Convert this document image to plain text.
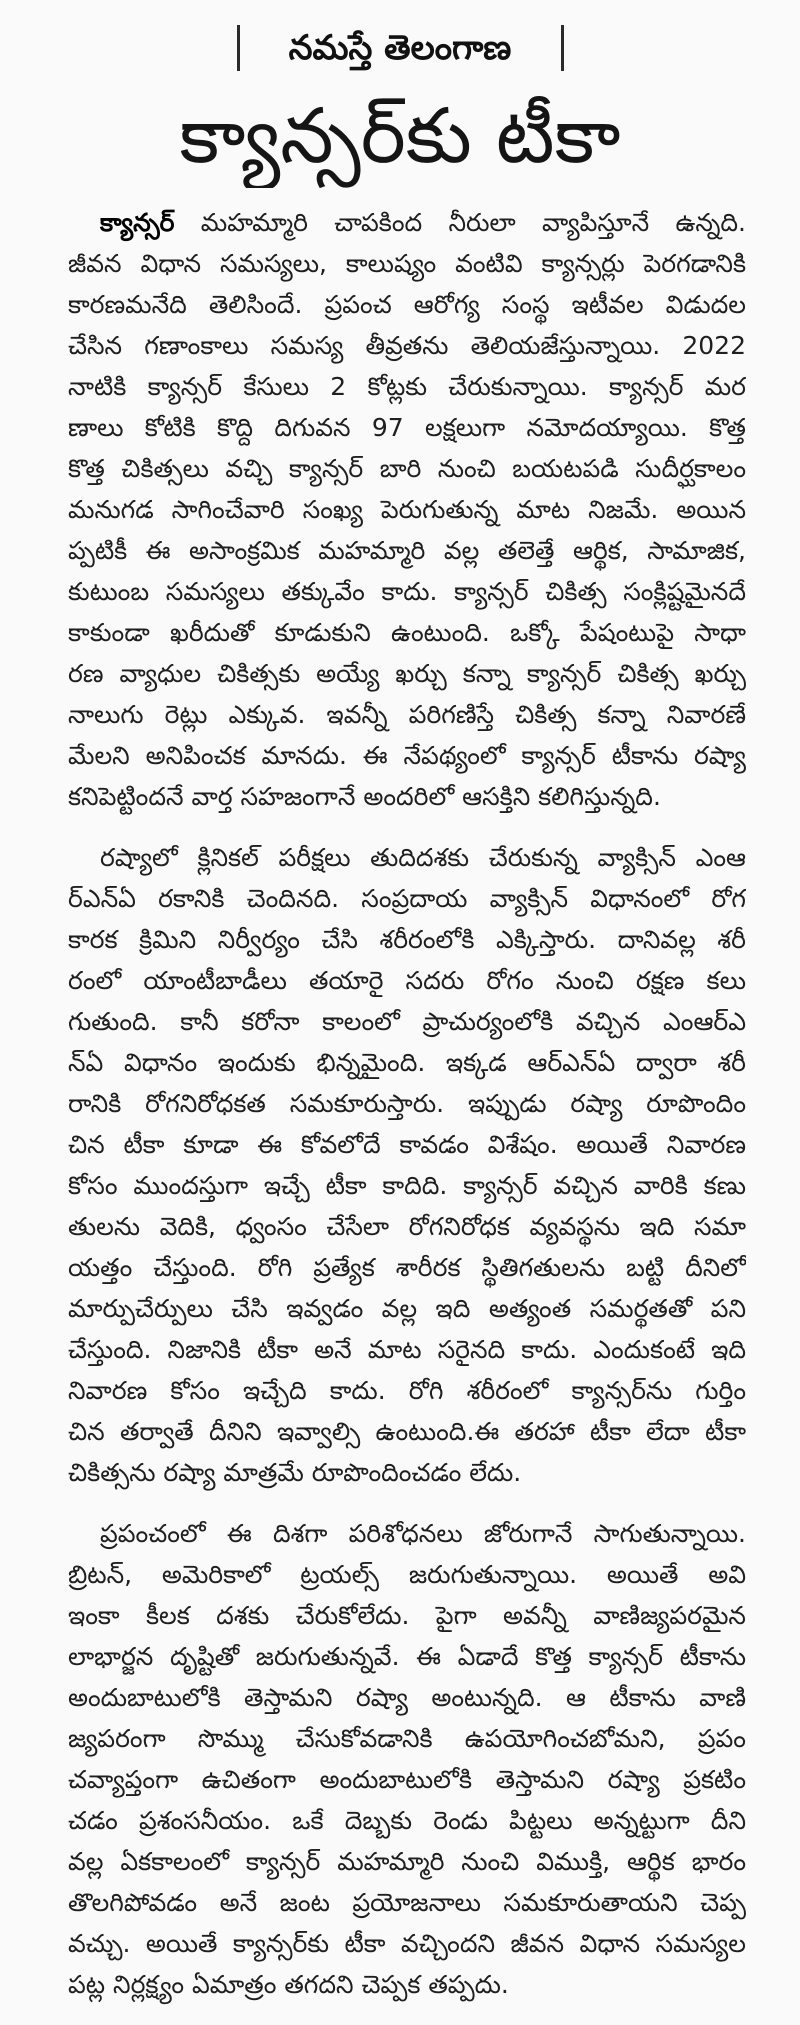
నమస్తే తెలంగాణ
క్యాన్సర్‌కు టీకా
క్యాన్సర్ మహమ్మారి చాపకింద నీరులా వ్యాపిస్తూనే ఉన్నది.
జీవన విధాన సమస్యలు, కాలుష్యం వంటివి క్యాన్సర్లు పెరగడానికి
కారణమనేది తెలిసిందే. ప్రపంచ ఆరోగ్య సంస్థ ఇటీవల విడుదల
చేసిన గణాంకాలు సమస్య తీవ్రతను తెలియజేస్తున్నాయి. 2022
నాటికి క్యాన్సర్ కేసులు 2 కోట్లకు చేరుకున్నాయి. క్యాన్సర్ మర
ణాలు కోటికి కొద్ది దిగువన 97 లక్షలుగా నమోదయ్యాయి. కొత్త
కొత్త చికిత్సలు వచ్చి క్యాన్సర్ బారి నుంచి బయటపడి సుదీర్ఘకాలం
మనుగడ సాగించేవారి సంఖ్య పెరుగుతున్న మాట నిజమే. అయిన
ప్పటికీ ఈ అసాంక్రమిక మహమ్మారి వల్ల తలెత్తే ఆర్థిక, సామాజిక,
కుటుంబ సమస్యలు తక్కువేం కాదు. క్యాన్సర్ చికిత్స సంక్లిష్టమైనదే
కాకుండా ఖరీదుతో కూడుకుని ఉంటుంది. ఒక్కో పేషంటుపై సాధా
రణ వ్యాధుల చికిత్సకు అయ్యే ఖర్చు కన్నా క్యాన్సర్ చికిత్స ఖర్చు
నాలుగు రెట్లు ఎక్కువ. ఇవన్నీ పరిగణిస్తే చికిత్స కన్నా నివారణే
మేలని అనిపించక మానదు. ఈ నేపథ్యంలో క్యాన్సర్ టీకాను రష్యా
కనిపెట్టిందనే వార్త సహజంగానే అందరిలో ఆసక్తిని కలిగిస్తున్నది.
రష్యాలో క్లినికల్ పరీక్షలు తుదిదశకు చేరుకున్న వ్యాక్సిన్ ఎంఆ
ర్ఎన్ఏ రకానికి చెందినది. సంప్రదాయ వ్యాక్సిన్ విధానంలో రోగ
కారక క్రిమిని నిర్వీర్యం చేసి శరీరంలోకి ఎక్కిస్తారు. దానివల్ల శరీ
రంలో యాంటీబాడీలు తయారై సదరు రోగం నుంచి రక్షణ కలు
గుతుంది. కానీ కరోనా కాలంలో ప్రాచుర్యంలోకి వచ్చిన ఎంఆర్ఎ
న్ఏ విధానం ఇందుకు భిన్నమైంది. ఇక్కడ ఆర్ఎన్ఏ ద్వారా శరీ
రానికి రోగనిరోధకత సమకూరుస్తారు. ఇప్పుడు రష్యా రూపొందిం
చిన టీకా కూడా ఈ కోవలోదే కావడం విశేషం. అయితే నివారణ
కోసం ముందస్తుగా ఇచ్చే టీకా కాదిది. క్యాన్సర్ వచ్చిన వారికి కణు
తులను వెదికి, ధ్వంసం చేసేలా రోగనిరోధక వ్యవస్థను ఇది సమా
యత్తం చేస్తుంది. రోగి ప్రత్యేక శారీరక స్థితిగతులను బట్టి దీనిలో
మార్పుచేర్పులు చేసి ఇవ్వడం వల్ల ఇది అత్యంత సమర్థతతో పని
చేస్తుంది. నిజానికి టీకా అనే మాట సరైనది కాదు. ఎందుకంటే ఇది
నివారణ కోసం ఇచ్చేది కాదు. రోగి శరీరంలో క్యాన్సర్‌ను గుర్తిం
చిన తర్వాతే దీనిని ఇవ్వాల్సి ఉంటుంది.ఈ తరహా టీకా లేదా టీకా
చికిత్సను రష్యా మాత్రమే రూపొందించడం లేదు.
ప్రపంచంలో ఈ దిశగా పరిశోధనలు జోరుగానే సాగుతున్నాయి.
బ్రిటన్, అమెరికాలో ట్రయల్స్ జరుగుతున్నాయి. అయితే అవి
ఇంకా కీలక దశకు చేరుకోలేదు. పైగా అవన్నీ వాణిజ్యపరమైన
లాభార్జన దృష్టితో జరుగుతున్నవే. ఈ ఏడాదే కొత్త క్యాన్సర్ టీకాను
అందుబాటులోకి తెస్తామని రష్యా అంటున్నది. ఆ టీకాను వాణి
జ్యపరంగా సొమ్ము చేసుకోవడానికి ఉపయోగించబోమని, ప్రపం
చవ్యాప్తంగా ఉచితంగా అందుబాటులోకి తెస్తామని రష్యా ప్రకటిం
చడం ప్రశంసనీయం. ఒకే దెబ్బకు రెండు పిట్టలు అన్నట్టుగా దీని
వల్ల ఏకకాలంలో క్యాన్సర్ మహమ్మారి నుంచి విముక్తి, ఆర్థిక భారం
తొలగిపోవడం అనే జంట ప్రయోజనాలు సమకూరుతాయని చెప్ప
వచ్చు. అయితే క్యాన్సర్‌కు టీకా వచ్చిందని జీవన విధాన సమస్యల
పట్ల నిర్లక్ష్యం ఏమాత్రం తగదని చెప్పక తప్పదు.
